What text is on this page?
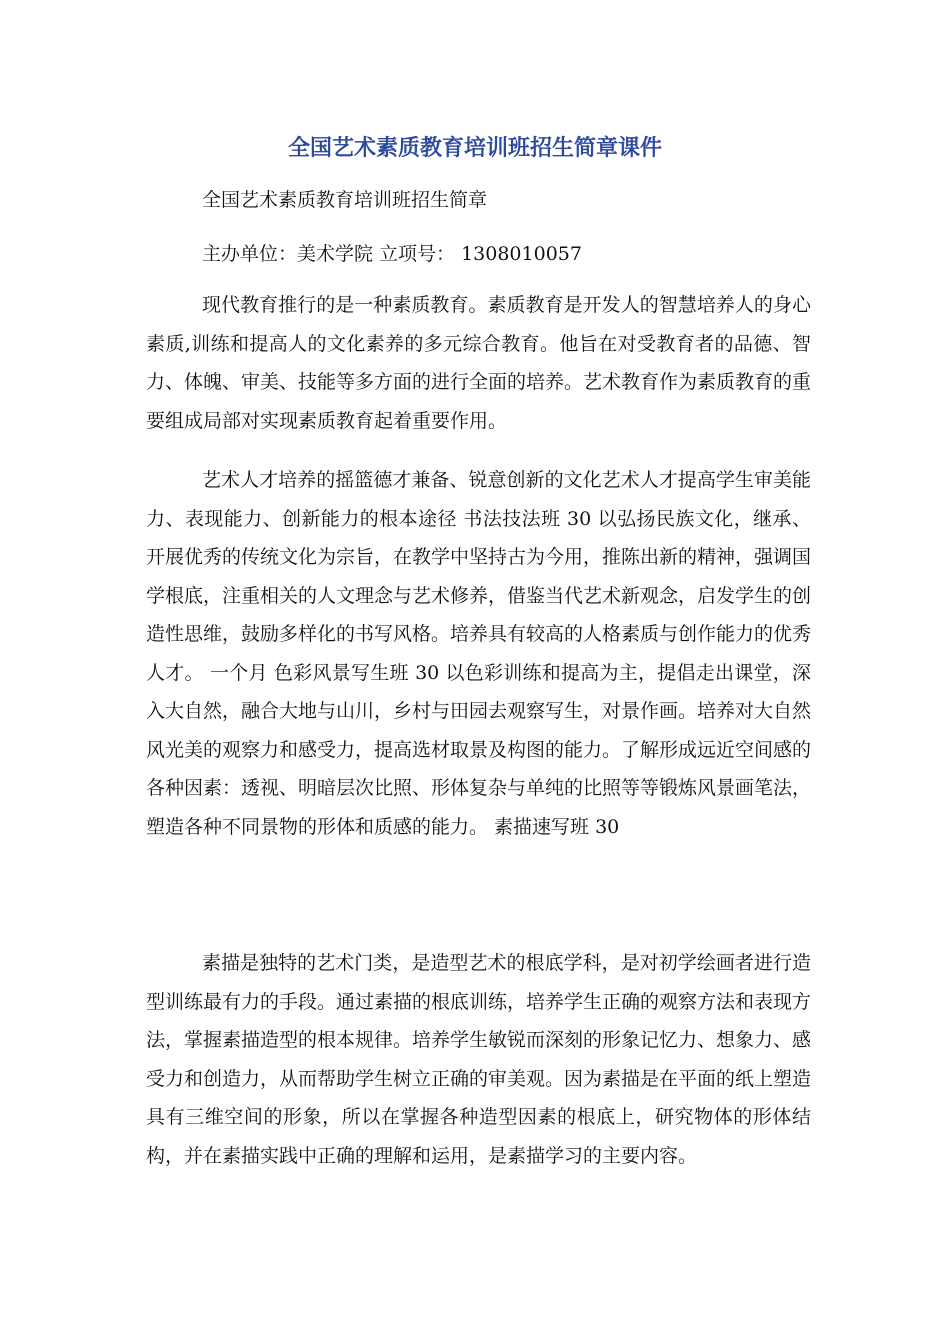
全国艺术素质教育培训班招生简章课件

全国艺术素质教育培训班招生简章

主办单位：美术学院 立项号： 1308010057

现代教育推行的是一种素质教育。素质教育是开发人的智慧培养人的身心素质,训练和提高人的文化素养的多元综合教育。他旨在对受教育者的品德、智力、体魄、审美、技能等多方面的进行全面的培养。艺术教育作为素质教育的重要组成局部对实现素质教育起着重要作用。

艺术人才培养的摇篮德才兼备、锐意创新的文化艺术人才提高学生审美能力、表现能力、创新能力的根本途径 书法技法班 30 以弘扬民族文化，继承、开展优秀的传统文化为宗旨，在教学中坚持古为今用，推陈出新的精神，强调国学根底，注重相关的人文理念与艺术修养，借鉴当代艺术新观念，启发学生的创造性思维，鼓励多样化的书写风格。培养具有较高的人格素质与创作能力的优秀人才。 一个月 色彩风景写生班 30 以色彩训练和提高为主，提倡走出课堂，深入大自然，融合大地与山川，乡村与田园去观察写生，对景作画。培养对大自然风光美的观察力和感受力，提高选材取景及构图的能力。了解形成远近空间感的各种因素：透视、明暗层次比照、形体复杂与单纯的比照等等锻炼风景画笔法，塑造各种不同景物的形体和质感的能力。 素描速写班 30

素描是独特的艺术门类，是造型艺术的根底学科，是对初学绘画者进行造型训练最有力的手段。通过素描的根底训练，培养学生正确的观察方法和表现方法，掌握素描造型的根本规律。培养学生敏锐而深刻的形象记忆力、想象力、感受力和创造力，从而帮助学生树立正确的审美观。因为素描是在平面的纸上塑造具有三维空间的形象，所以在掌握各种造型因素的根底上，研究物体的形体结构，并在素描实践中正确的理解和运用，是素描学习的主要内容。
